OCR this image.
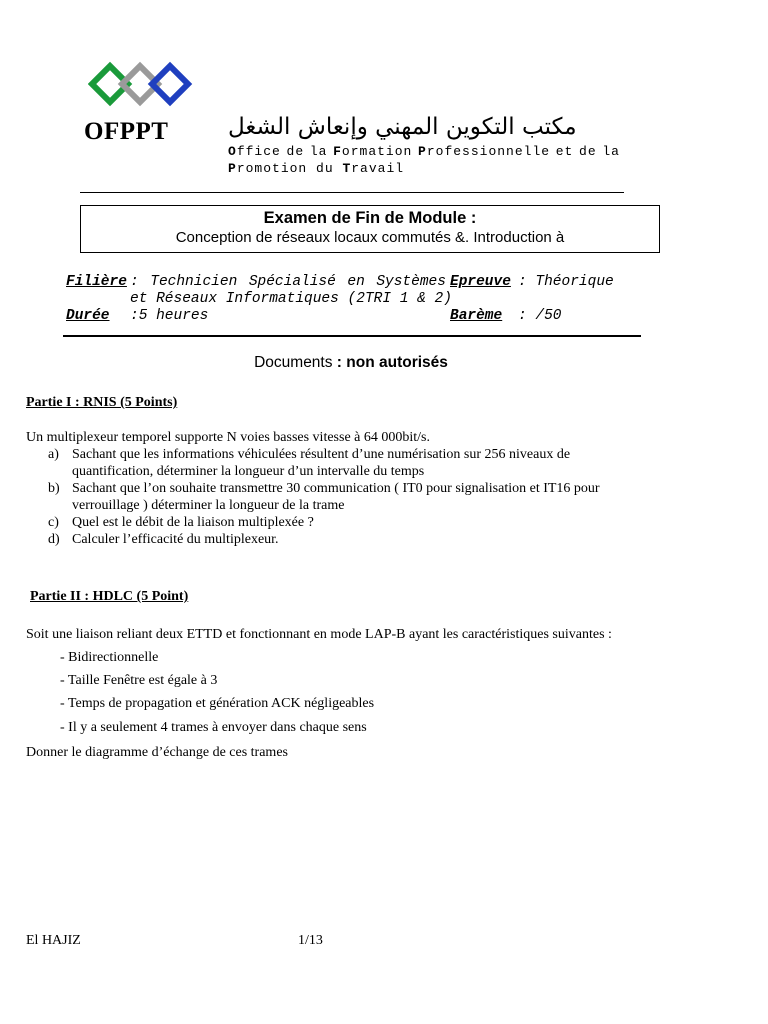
OFPPT	مكتب التكوين المهني وإنعاش الشغل
Office de la Formation Professionnelle et de la
Promotion du Travail
Examen de Fin de Module :
Conception de réseaux locaux commutés &. Introduction à
Filière : Technicien Spécialisé en Systèmes
et Réseaux Informatiques (2TRI 1 & 2)
Durée :5 heures
Epreuve : Théorique
Barème : /50
Documents : non autorisés
Partie I : RNIS (5 Points)
Un multiplexeur temporel supporte N voies basses vitesse à 64 000bit/s.
a) Sachant que les informations véhiculées résultent d’une numérisation sur 256 niveaux de
quantification, déterminer la longueur d’un intervalle du temps
b) Sachant que l’on souhaite transmettre 30 communication ( IT0 pour signalisation et IT16 pour
verrouillage ) déterminer la longueur de la trame
c) Quel est le débit de la liaison multiplexée ?
d) Calculer l’efficacité du multiplexeur.
Partie II : HDLC (5 Point)
Soit une liaison reliant deux ETTD et fonctionnant en mode LAP-B ayant les caractéristiques suivantes :
- Bidirectionnelle
- Taille Fenêtre est égale à 3
- Temps de propagation et génération ACK négligeables
- Il y a seulement 4 trames à envoyer dans chaque sens
Donner le diagramme d’échange de ces trames
El HAJIZ	1/13
